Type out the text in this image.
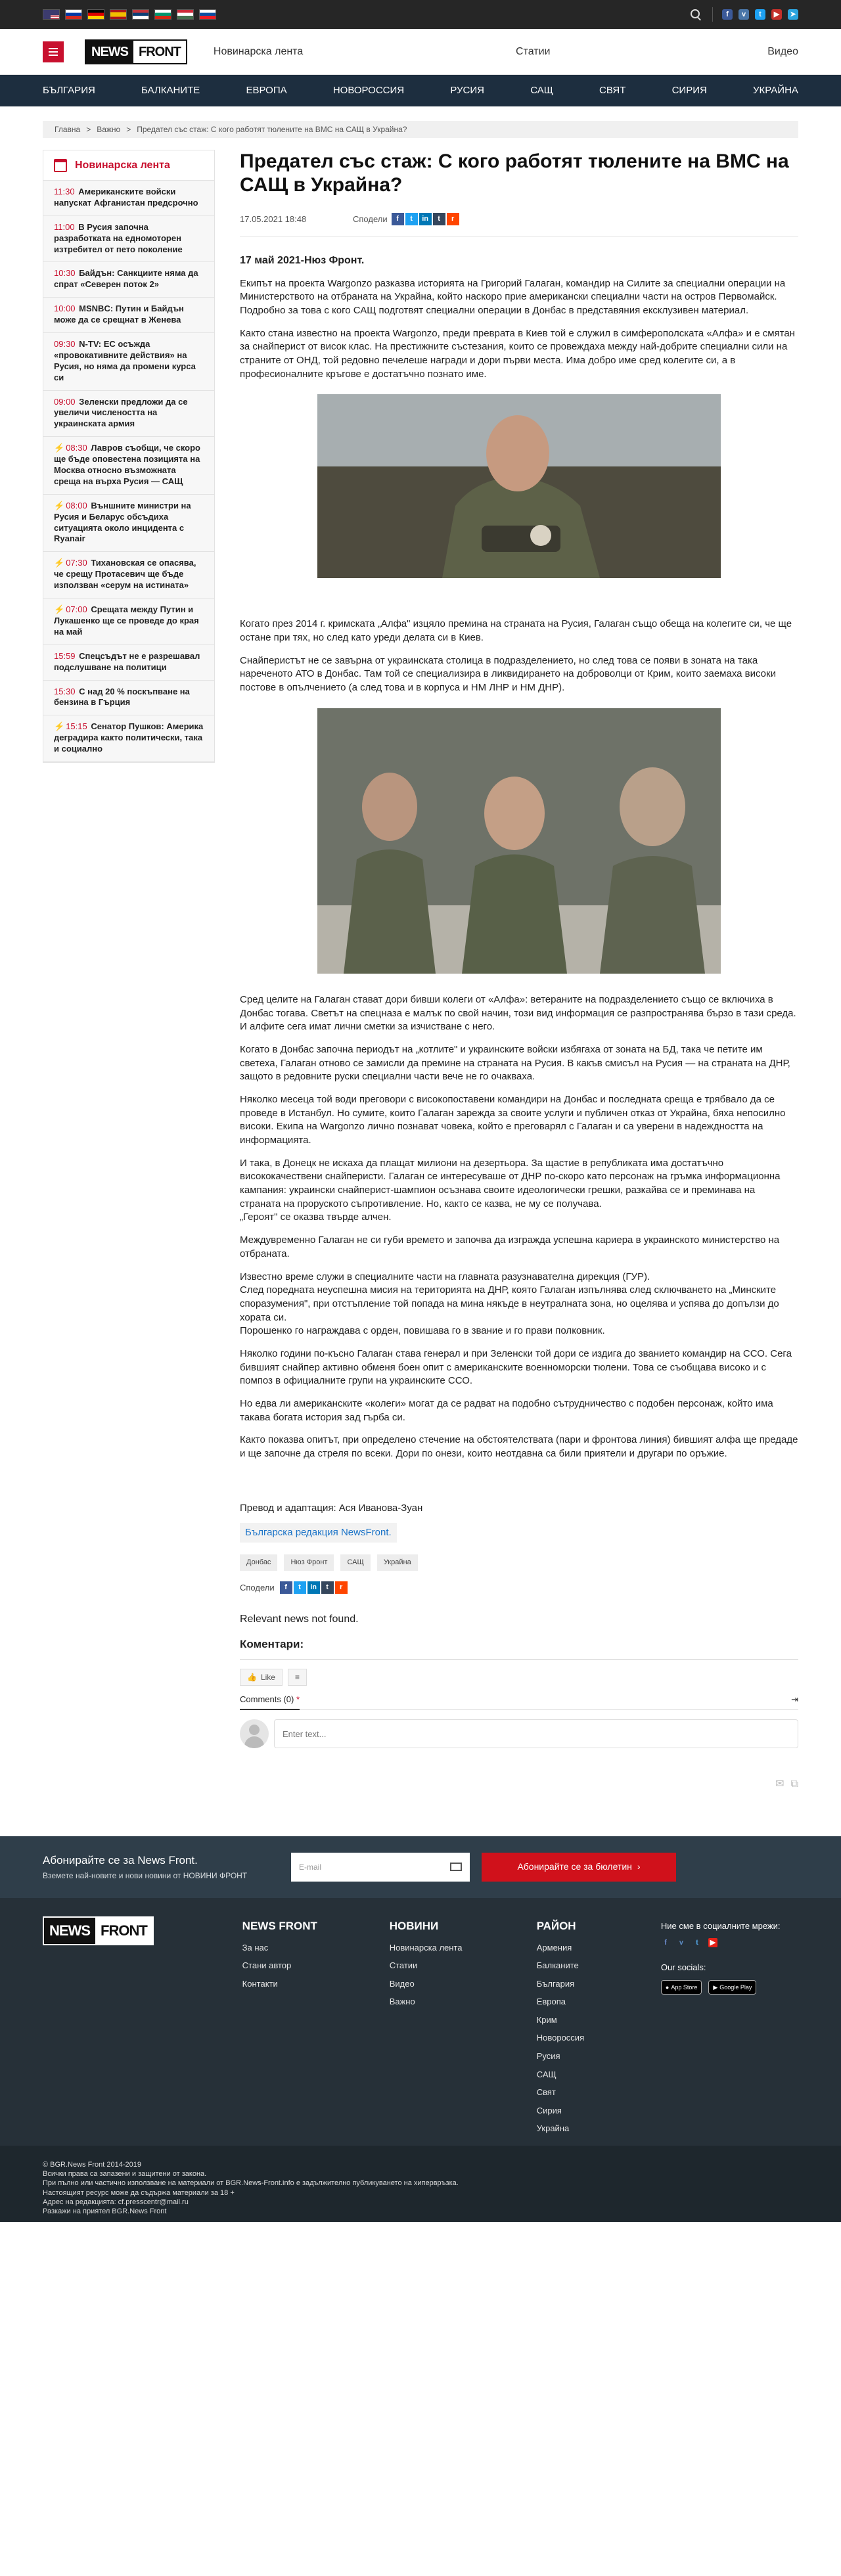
f	v	t	▶	➤
NEWS FRONT	Новинарска лента	Статии	Видео
БЪЛГАРИЯ	БАЛКАНИТЕ	ЕВРОПА	НОВОРОССИЯ	РУСИЯ	САЩ	СВЯТ	СИРИЯ	УКРАЙНА
Главна > Важно > Предател със стаж: С кого работят тюлените на ВМС на САЩ в Украйна?
Новинарска лента
11:30 Американските войски напускат Афганистан предсрочно
11:00 В Русия започна разработката на едномоторен изтребител от пето поколение
10:30 Байдън: Санкциите няма да спрат «Северен поток 2»
10:00 MSNBC: Путин и Байдън може да се срещнат в Женева
09:30 N-TV: ЕС осъжда «провокативните действия» на Русия, но няма да промени курса си
09:00 Зеленски предложи да се увеличи числеността на украинската армия
⚡ 08:30 Лавров съобщи, че скоро ще бъде оповестена позицията на Москва относно възможната среща на върха Русия — САЩ
⚡ 08:00 Външните министри на Русия и Беларус обсъдиха ситуацията около инцидента с Ryanair
⚡ 07:30 Тихановская се опасява, че срещу Протасевич ще бъде използван «серум на истината»
⚡ 07:00 Срещата между Путин и Лукашенко ще се проведе до края на май
15:59 Спецсъдът не е разрешавал подслушване на политици
15:30 С над 20 % поскъпване на бензина в Гърция
⚡ 15:15 Сенатор Пушков: Америка деградира както политически, така и социално
Предател със стаж: С кого работят тюлените на ВМС на САЩ в Украйна?
17.05.2021 18:48	Сподели	f	t	in	t	r

17 май 2021-Нюз Фронт.

Екипът на проекта Wargonzo разказва историята на Григорий Галаган, командир на Силите за специални операции на Министерството на отбраната на Украйна, който наскоро прие американски специални части на остров Первомайск. Подробно за това с кого САЩ подготвят специални операции в Донбас в представяния ексклузивен материал.

Както стана известно на проекта Wargonzo, преди преврата в Киев той е служил в симферополската «Алфа» и е смятан за снайперист от висок клас. На престижните състезания, които се провеждаха между най-добрите специални сили на страните от ОНД, той редовно печелеше награди и дори първи места. Има добро име сред колегите си, а в професионалните кръгове е достатъчно познато име.

Когато през 2014 г. кримската „Алфа" изцяло премина на страната на Русия, Галаган също обеща на колегите си, че ще остане при тях, но след като уреди делата си в Киев.

Снайперистът не се завърна от украинската столица в подразделението, но след това се появи в зоната на така нареченото АТО в Донбас. Там той се специализира в ликвидирането на доброволци от Крим, които заемаха високи постове в опълчението (а след това и в корпуса и НМ ЛНР и НМ ДНР).

Сред целите на Галаган стават дори бивши колеги от «Алфа»: ветераните на подразделението също се включиха в Донбас тогава. Светът на спецназа е малък по свой начин, този вид информация се разпространява бързо в тази среда. И алфите сега имат лични сметки за изчистване с него.

Когато в Донбас започна периодът на „котлите" и украинските войски избягаха от зоната на БД, така че петите им светеха, Галаган отново се замисли да премине на страната на Русия. В какъв смисъл на Русия — на страната на ДНР, защото в редовните руски специални части вече не го очакваха.

Няколко месеца той води преговори с високопоставени командири на Донбас и последната среща е трябвало да се проведе в Истанбул. Но сумите, които Галаган зарежда за своите услуги и публичен отказ от Украйна, бяха непосилно високи. Екипа на Wargonzo лично познават човека, който е преговарял с Галаган и са уверени в надеждността на информацията.

И така, в Донецк не искаха да плащат милиони на дезертьора. За щастие в републиката има достатъчно висококачествени снайперисти. Галаган се интересуваше от ДНР по-скоро като персонаж на гръмка информационна кампания: украински снайперист-шампион осъзнава своите идеологически грешки, разкайва се и преминава на страната на проруското съпротивление. Но, както се казва, не му се получава.

„Героят" се оказва твърде алчен.

Междувременно Галаган не си губи времето и започва да изгражда успешна кариера в украинското министерство на отбраната.

Известно време служи в специалните части на главната разузнавателна дирекция (ГУР).

След поредната неуспешна мисия на територията на ДНР, която Галаган изпълнява след сключването на „Минските споразумения", при отстъпление той попада на мина някъде в неутралната зона, но оцелява и успява до допълзи до хората си.

Порошенко го награждава с орден, повишава го в звание и го прави полковник.

Няколко години по-късно Галаган става генерал и при Зеленски той дори се издига до званието командир на ССО. Сега бившият снайпер активно обменя боен опит с американските военноморски тюлени. Това се съобщава високо и с помпоз в официалните групи на украинските ССО.

Но едва ли американските «колеги» могат да се радват на подобно сътрудничество с подобен персонаж, който има такава богата история зад гърба си.

Както показва опитът, при определено стечение на обстоятелствата (пари и фронтова линия) бившият алфа ще предаде и ще започне да стреля по всеки. Дори по онези, които неотдавна са били приятели и другари по оръжие.

Превод и адаптация: Ася Иванова-Зуан

Българска редакция NewsFront.
Донбас	Нюз Фронт	САЩ	Украйна
Сподели	f	t	in	t	r

Relevant news not found.

Коментари:
👍 Like	≡
Comments (0) *	⇥
Enter text...
✉ ⧉
Абонирайте се за News Front.
Вземете най-новите и нови новини от НОВИНИ ФРОНТ
E-mail	Абонирайте се за бюлетин ›
NEWS FRONT	NEWS FRONT
За нас
Стани автор
Контакти
НОВИНИ
Новинарска лента
Статии
Видео
Важно
РАЙОН
Армения
Балканите
България
Европа
Крим
Новороссия
Русия
САЩ
Свят
Сирия
Украйна
Ние сме в социалните мрежи:
f	v	t	▶
Our socials:
● App Store	▶ Google Play
© BGR.News Front 2014-2019
Всички права са запазени и защитени от закона.
При пълно или частично използване на материали от BGR.News-Front.info е задължително публикуването на хипервръзка.
Настоящият ресурс може да съдържа материали за 18 +
Адрес на редакцията: cf.presscentr@mail.ru
Разкажи на приятел BGR.News Front
